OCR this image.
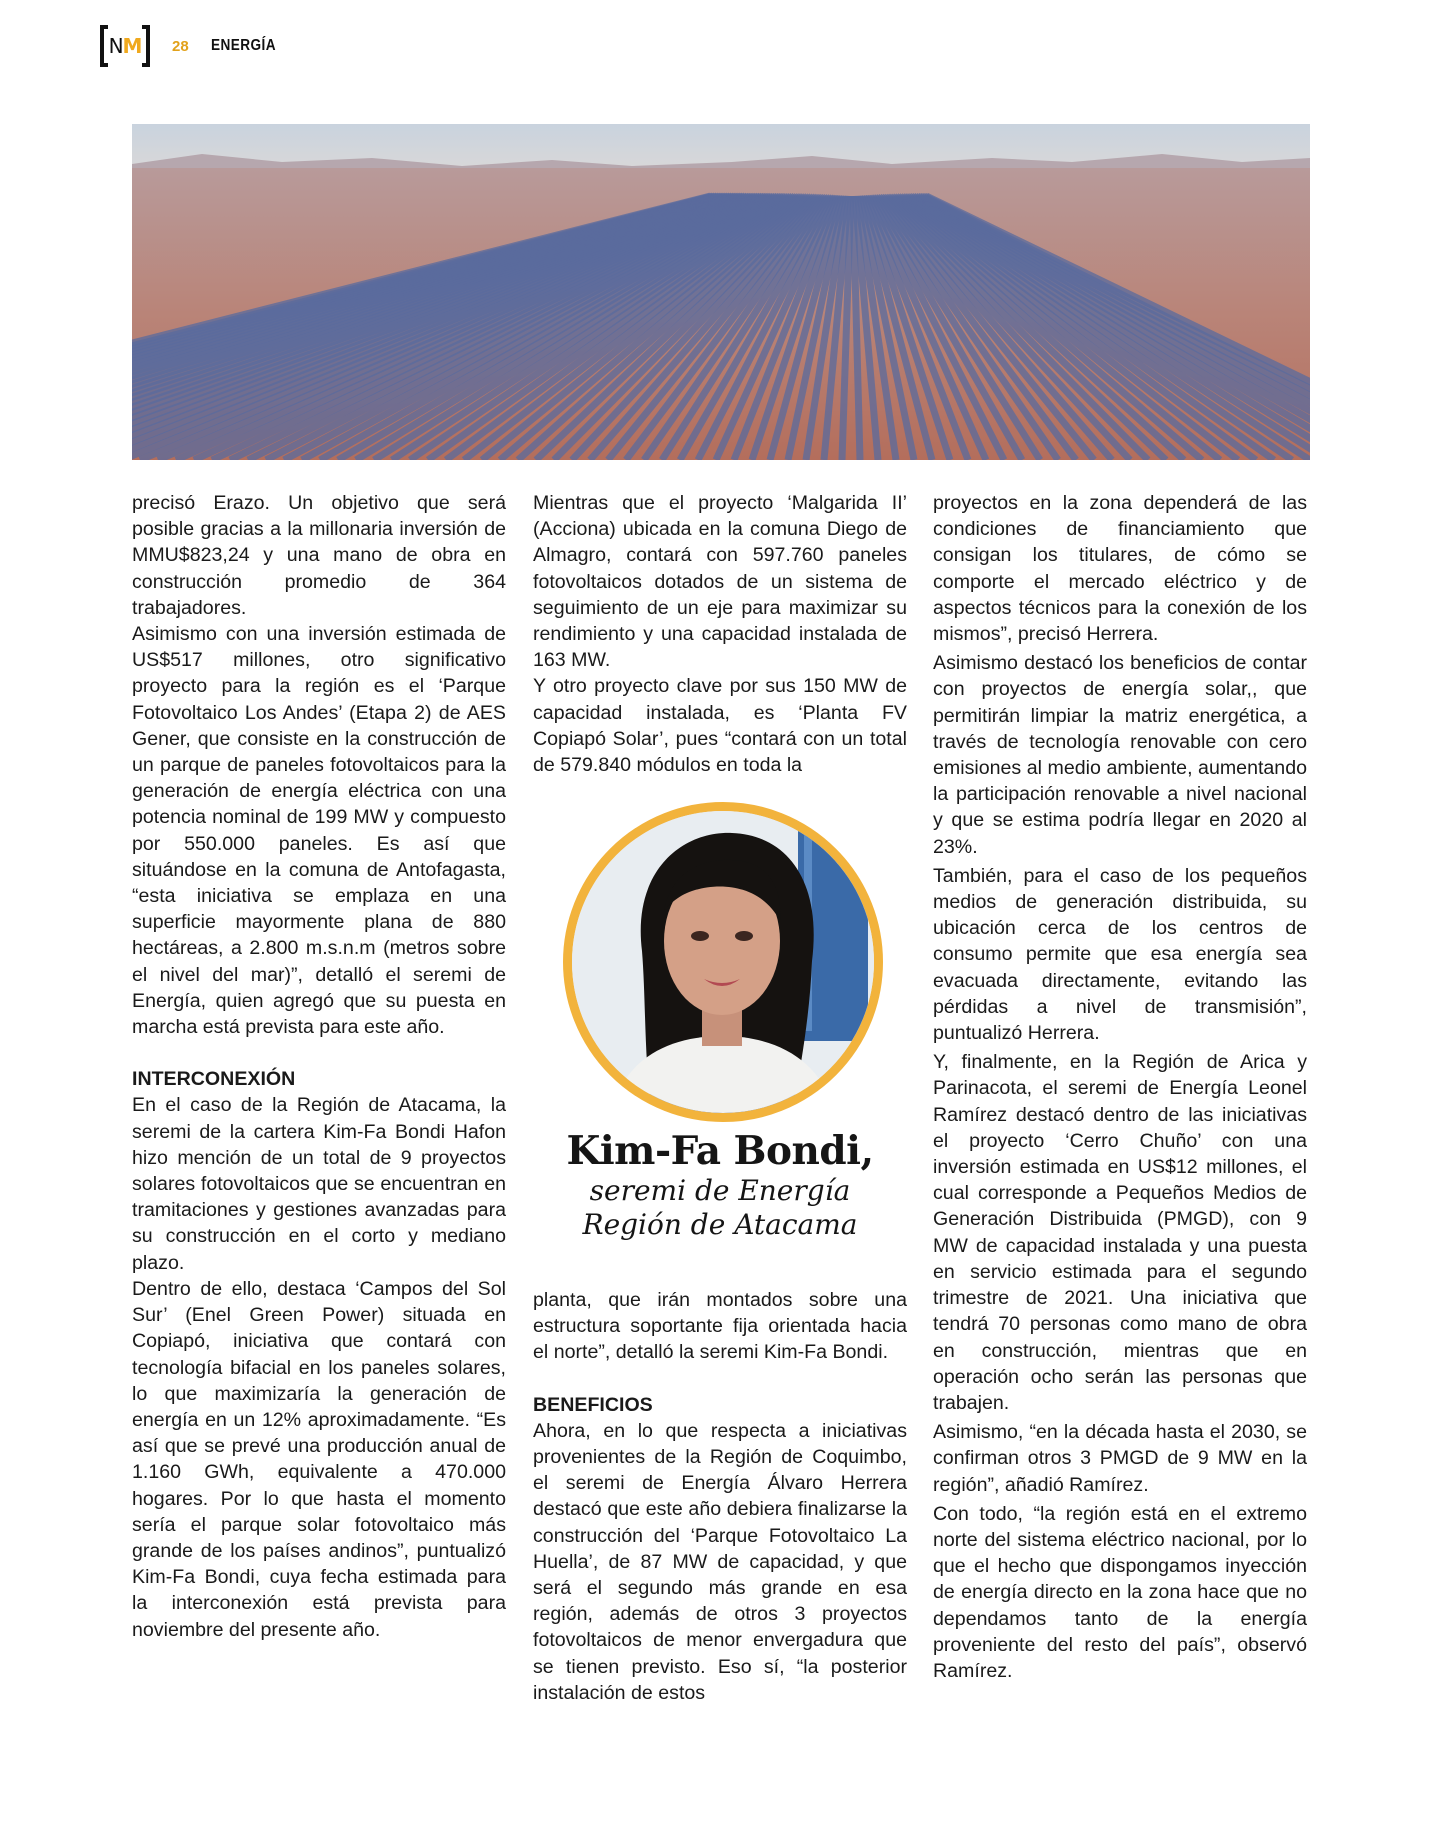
NM 28 ENERGÍA

precisó Erazo. Un objetivo que será posible gracias a la millonaria inversión de MMU$823,24 y una mano de obra en construcción promedio de 364 trabajadores.

Asimismo con una inversión estimada de US$517 millones, otro significativo proyecto para la región es el ‘Parque Fotovoltaico Los Andes’ (Etapa 2) de AES Gener, que consiste en la construcción de un parque de paneles fotovoltaicos para la generación de energía eléctrica con una potencia nominal de 199 MW y compuesto por 550.000 paneles. Es así que situándose en la comuna de Antofagasta, “esta iniciativa se emplaza en una superficie mayormente plana de 880 hectáreas, a 2.800 m.s.n.m (metros sobre el nivel del mar)”, detalló el seremi de Energía, quien agregó que su puesta en marcha está prevista para este año.

INTERCONEXIÓN

En el caso de la Región de Atacama, la seremi de la cartera Kim-Fa Bondi Hafon hizo mención de un total de 9 proyectos solares fotovoltaicos que se encuentran en tramitaciones y gestiones avanzadas para su construcción en el corto y mediano plazo.

Dentro de ello, destaca ‘Campos del Sol Sur’ (Enel Green Power) situada en Copiapó, iniciativa que contará con tecnología bifacial en los paneles solares, lo que maximizaría la generación de energía en un 12% aproximadamente. “Es así que se prevé una producción anual de 1.160 GWh, equivalente a 470.000 hogares. Por lo que hasta el momento sería el parque solar fotovoltaico más grande de los países andinos”, puntualizó Kim-Fa Bondi, cuya fecha estimada para la interconexión está prevista para noviembre del presente año.

Mientras que el proyecto ‘Malgarida II’ (Acciona) ubicada en la comuna Diego de Almagro, contará con 597.760 paneles fotovoltaicos dotados de un sistema de seguimiento de un eje para maximizar su rendimiento y una capacidad instalada de 163 MW.

Y otro proyecto clave por sus 150 MW de capacidad instalada, es ‘Planta FV Copiapó Solar’, pues “contará con un total de 579.840 módulos en toda la

Kim-Fa Bondi,
seremi de Energía
Región de Atacama

planta, que irán montados sobre una estructura soportante fija orientada hacia el norte”, detalló la seremi Kim-Fa Bondi.

BENEFICIOS

Ahora, en lo que respecta a iniciativas provenientes de la Región de Coquimbo, el seremi de Energía Álvaro Herrera destacó que este año debiera finalizarse la construcción del ‘Parque Fotovoltaico La Huella’, de 87 MW de capacidad, y que será el segundo más grande en esa región, además de otros 3 proyectos fotovoltaicos de menor envergadura que se tienen previsto. Eso sí, “la posterior instalación de estos

proyectos en la zona dependerá de las condiciones de financiamiento que consigan los titulares, de cómo se comporte el mercado eléctrico y de aspectos técnicos para la conexión de los mismos”, precisó Herrera.

Asimismo destacó los beneficios de contar con proyectos de energía solar,, que permitirán limpiar la matriz energética, a través de tecnología renovable con cero emisiones al medio ambiente, aumentando la participación renovable a nivel nacional y que se estima podría llegar en 2020 al 23%.

También, para el caso de los pequeños medios de generación distribuida, su ubicación cerca de los centros de consumo permite que esa energía sea evacuada directamente, evitando las pérdidas a nivel de transmisión”, puntualizó Herrera.

Y, finalmente, en la Región de Arica y Parinacota, el seremi de Energía Leonel Ramírez destacó dentro de las iniciativas el proyecto ‘Cerro Chuño’ con una inversión estimada en US$12 millones, el cual corresponde a Pequeños Medios de Generación Distribuida (PMGD), con 9 MW de capacidad instalada y una puesta en servicio estimada para el segundo trimestre de 2021. Una iniciativa que tendrá 70 personas como mano de obra en construcción, mientras que en operación ocho serán las personas que trabajen.

Asimismo, “en la década hasta el 2030, se confirman otros 3 PMGD de 9 MW en la región”, añadió Ramírez.

Con todo, “la región está en el extremo norte del sistema eléctrico nacional, por lo que el hecho que dispongamos inyección de energía directo en la zona hace que no dependamos tanto de la energía proveniente del resto del país”, observó Ramírez.
